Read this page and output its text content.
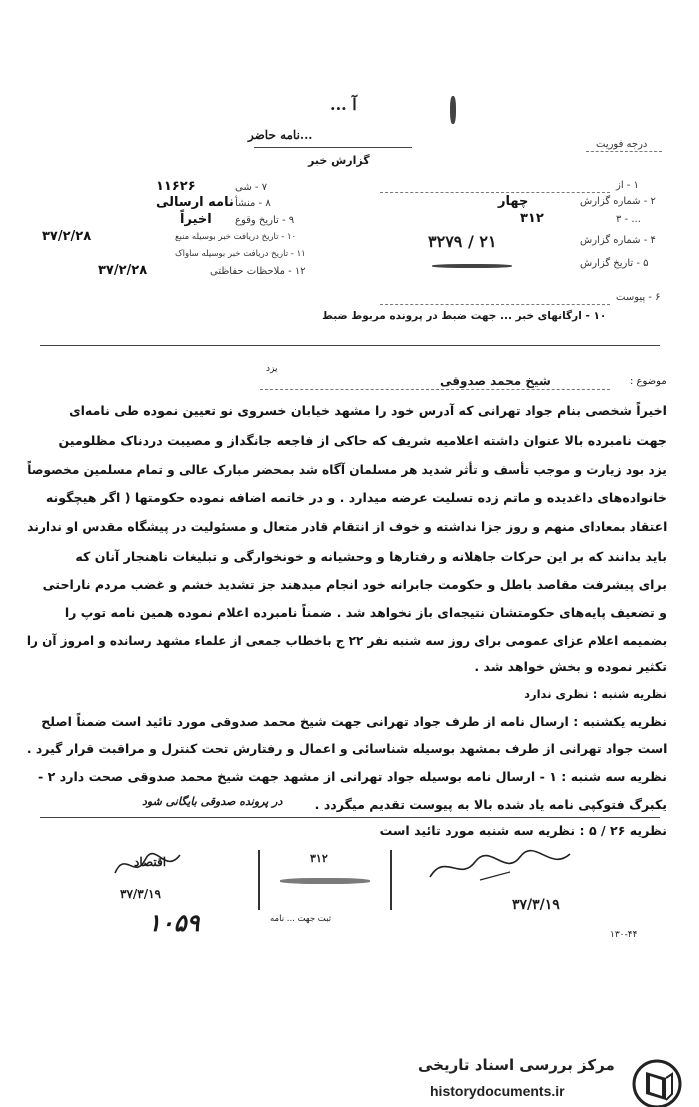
آ ...
...نامه حاضر
گزارش خبر
درجه فوریت
۷ - شی
۱۱۶۲۶
۸ - منشأ
نامه ارسالی
۹ - تاریخ وقوع
اخیراً
۱۰ - تاریخ دریافت خبر بوسیله منبع
۳۷/۲/۲۸
۱۱ - تاریخ دریافت خبر بوسیله ساواک
۱۲ - ملاحظات حفاظتی
۳۷/۲/۲۸
۱ - از
۲ - شماره گزارش
چهار
۳ - ...
۳۱۲
۴ - شماره گزارش
۳۲۷۹ / ۲۱
۵ - تاریخ گزارش
۶ - پیوست
۱۰ - ارگانهای خبر ... جهت ضبط در پرونده مربوط ضبط
موضوع :
شیخ محمد صدوقی
یزد
اخیراً شخصی بنام جواد تهرانی که آدرس خود را مشهد خیابان خسروی نو تعیین نموده طی نامه‌ای
جهت نامبرده بالا عنوان داشته اعلامیه شریف که حاکی از فاجعه جانگداز و مصیبت دردناک مظلومین
یزد بود زیارت و موجب تأسف و تأثر شدید هر مسلمان آگاه شد بمحضر مبارک عالی و تمام مسلمین مخصوصاً
خانواده‌های داغدیده و ماتم زده تسلیت عرضه میدارد . و در خاتمه اضافه نموده حکومتها ( اگر هیچگونه
اعتقاد بمعاد‌ای منهم و روز جزا نداشته و خوف از انتقام قادر متعال و مسئولیت در پیشگاه مقدس او ندارند
باید بدانند که بر این حرکات جاهلانه و رفتارها و وحشیانه و خونخوارگی و تبلیغات ناهنجار آنان که
برای پیشرفت مقاصد باطل و حکومت جابرانه خود انجام میدهند جز تشدید خشم و غضب مردم ناراحتی
و تضعیف پایه‌های حکومتشان نتیجه‌ای باز نخواهد شد . ضمناً نامبرده اعلام نموده همین نامه توپ را
بضمیمه اعلام عزای عمومی برای روز سه شنبه نفر ۲۲ ج باخطاب جمعی از علماء مشهد رسانده و امروز آن را
تکثیر نموده و بخش خواهد شد .
نظریه شنبه : نظری ندارد
نظریه یکشنبه : ارسال نامه از طرف جواد تهرانی جهت شیخ محمد صدوقی مورد تائید است ضمناً اصلح
است جواد تهرانی از طرف بمشهد بوسیله شناسائی و اعمال و رفتارش تحت کنترل و مراقبت قرار گیرد .
نظریه سه شنبه : ۱ - ارسال نامه بوسیله جواد تهرانی از مشهد جهت شیخ محمد صدوقی صحت دارد ۲ -
یکبرگ فتوکپی نامه یاد شده بالا به پیوست تقدیم میگردد .
نظریه ۲۶ / ۵ : نظریه سه شنبه مورد تائید است
در پرونده صدوقی بایگانی شود
اقتصاد
۳۷/۳/۱۹
۱۰۵۹
۳۱۲
ثبت جهت ... نامه
۳۷/۳/۱۹
۱۳۰-۴۴
مرکز بررسی اسناد تاریخی
historydocuments.ir
